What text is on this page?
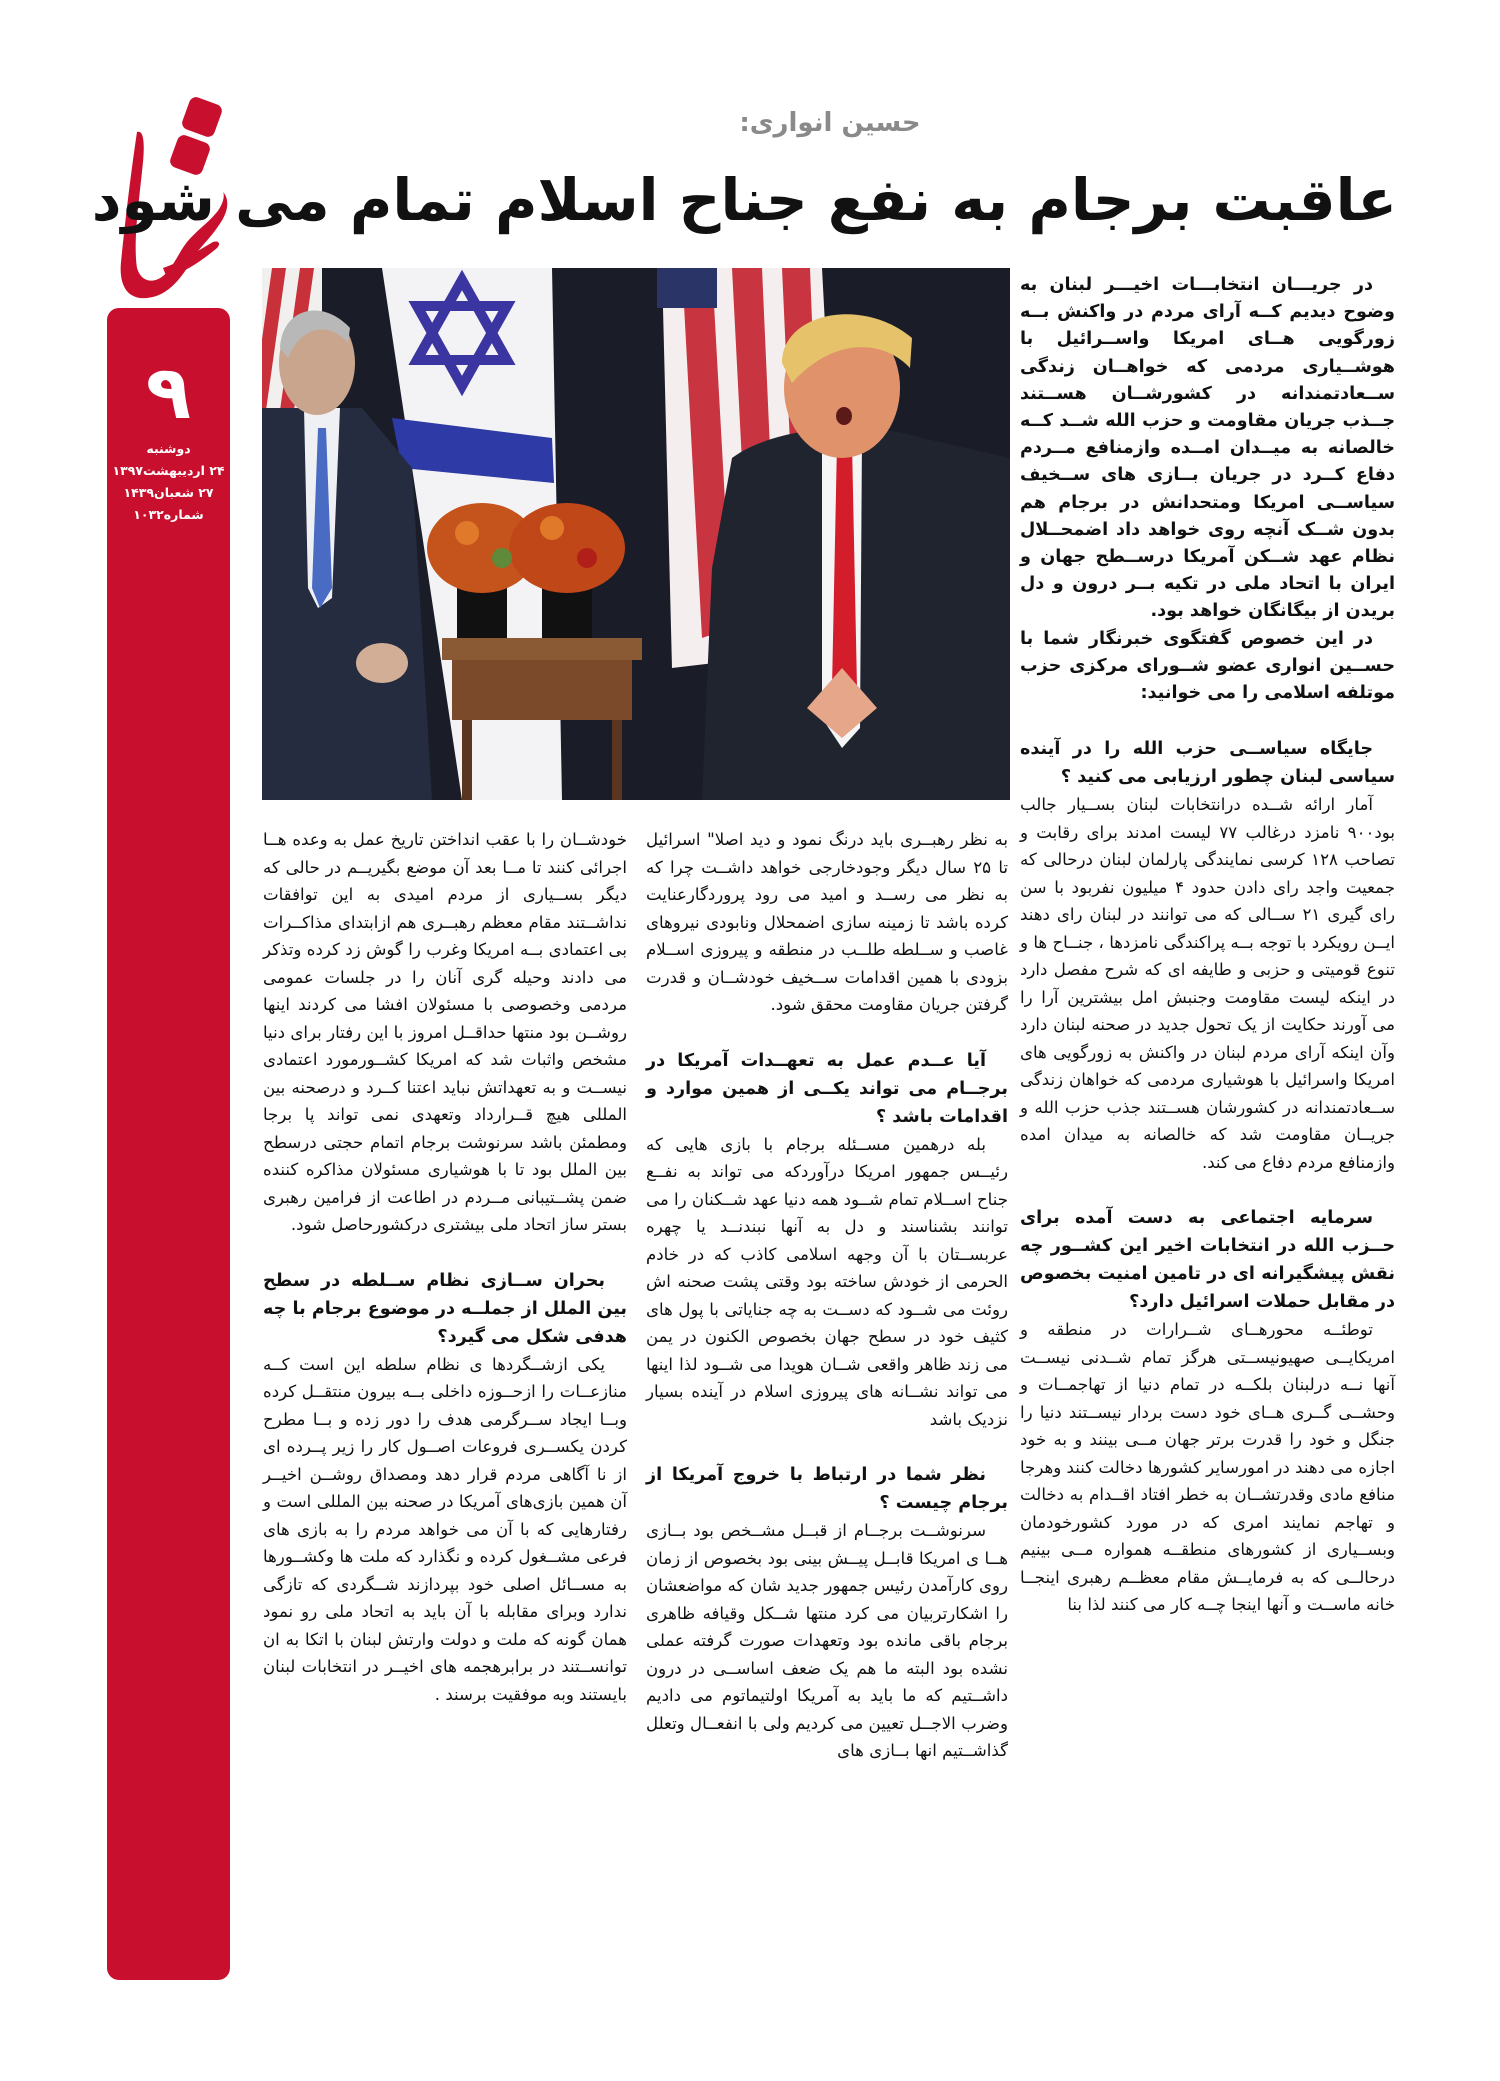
۹
دوشنبه
۲۴ اردیبهشت۱۳۹۷
۲۷ شعبان۱۴۳۹
شماره۱۰۳۲
حسین انواری:
عاقبت برجام به نفع جناح اسلام تمام می شود

در جریـــان انتخابـــات اخیـــر لبنان به وضوح دیدیم کــه آرای مردم در واکنش بــه زورگویی هــای امریکا واســرائیل با هوشــیاری مردمی که خواهــان زندگی ســعادتمندانه در کشورشــان هســتند جــذب جریان مقاومت و حزب الله شــد کــه خالصانه به میــدان امــده وازمنافع مــردم دفاع کــرد در جریان بــازی های ســخیف سیاســی امریکا ومتحدانش در برجام هم بدون شــک آنچه روی خواهد داد اضمحــلال نظام عهد شــکن آمریکا درســطح جهان و ایران با اتحاد ملی در تکیه بــر درون و دل بریدن از بیگانگان خواهد بود.

در این خصوص گفتگوی خبرنگار شما با حســین انواری عضو شــورای مرکزی حزب موتلفه اسلامی را می خوانید:

جایگاه سیاســی حزب الله را در آینده سیاسی لبنان چطور ارزیابی می کنید ؟

آمار ارائه شــده درانتخابات لبنان بســیار جالب بود۹۰۰ نامزد درغالب ۷۷ لیست امدند برای رقابت و تصاحب ۱۲۸ کرسی نمایندگی پارلمان لبنان درحالی که جمعیت واجد رای دادن حدود ۴ میلیون نفربود با سن رای گیری ۲۱ ســالی که می توانند در لبنان رای دهند ایــن رویکرد با توجه بــه پراکندگی نامزدها ، جنــاح ها و تنوع قومیتی و حزبی و طایفه ای که شرح مفصل دارد در اینکه لیست مقاومت وجنبش امل بیشترین آرا را می آورند حکایت از یک تحول جدید در صحنه لبنان دارد وآن اینکه آرای مردم لبنان در واکنش به زورگویی های امریکا واسرائیل با هوشیاری مردمی که خواهان زندگی ســعادتمندانه در کشورشان هســتند جذب حزب الله و جریــان مقاومت شد که خالصانه به میدان امده وازمنافع مردم دفاع می کند.

سرمایه اجتماعی به دست آمده برای حــزب الله در انتخابات اخیر این کشــور چه نقش پیشگیرانه ای در تامین امنیت بخصوص در مقابل حملات اسرائیل دارد؟

توطئــه محورهــای شــرارات در منطقه و امریکایــی صهیونیســتی هرگز تمام شــدنی نیســت آنها نــه درلبنان بلکــه در تمام دنیا از تهاجمــات و وحشــی گــری هــای خود دست بردار نیســتند دنیا را جنگل و خود را قدرت برتر جهان مــی بینند و به خود اجازه می دهند در امورسایر کشورها دخالت کنند وهرجا منافع مادی وقدرتشــان به خطر افتاد اقــدام به دخالت و تهاجم نمایند امری که در مورد کشورخودمان وبســیاری از کشورهای منطقــه همواره مــی بینیم درحالــی که به فرمایــش مقام معظــم رهبری اینجــا خانه ماســت و آنها اینجا چــه کار می کنند لذا بنا

به نظر رهبــری باید درنگ نمود و دید اصلا" اسرائیل تا ۲۵ سال دیگر وجودخارجی خواهد داشــت چرا که به نظر می رســد و امید می رود پروردگارعنایت کرده باشد تا زمینه سازی اضمحلال ونابودی نیروهای غاصب و ســلطه طلــب در منطقه و پیروزی اســلام بزودی با همین اقدامات ســخیف خودشــان و قدرت گرفتن جریان مقاومت محقق شود.

آیا عــدم عمل به تعهــدات آمریکا در برجــام می تواند یکــی از همین موارد و اقدامات باشد ؟

بله درهمین مســئله برجام با بازی هایی که رئیــس جمهور امریکا درآوردکه می تواند به نفــع جناح اســلام تمام شــود همه دنیا عهد شــکنان را می توانند بشناسند و دل به آنها نبندنــد یا چهره عربســتان با آن وجهه اسلامی کاذب که در خادم الحرمی از خودش ساخته بود وقتی پشت صحنه اش روئت می شــود که دســت به چه جنایاتی با پول های کثیف خود در سطح جهان بخصوص الکنون در یمن می زند ظاهر واقعی شــان هویدا می شــود لذا اینها می تواند نشــانه های پیروزی اسلام در آینده بسیار نزدیک باشد

نظر شما در ارتباط با خروج آمریکا از برجام چیست ؟

سرنوشــت برجــام از قبــل مشــخص بود بــازی هــا ی امریکا قابــل پیــش بینی بود بخصوص از زمان روی کارآمدن رئیس جمهور جدید شان که مواضعشان را اشکارتربیان می کرد منتها شــکل وقیافه ظاهری برجام باقی مانده بود وتعهدات صورت گرفته عملی نشده بود البته ما هم یک ضعف اساســی در درون داشــتیم که ما باید به آمریکا اولتیماتوم می دادیم وضرب الاجــل تعیین می کردیم ولی با انفعــال وتعلل گذاشــتیم انها بــازی های

خودشــان را با عقب انداختن تاریخ عمل به وعده هــا اجرائی کنند تا مــا بعد آن موضع بگیریــم در حالی که دیگر بســیاری از مردم امیدی به این توافقات نداشــتند مقام معظم رهبــری هم ازابتدای مذاکــرات بی اعتمادی بــه امریکا وغرب را گوش زد کرده وتذکر می دادند وحیله گری آنان را در جلسات عمومی مردمی وخصوصی با مسئولان افشا می کردند اینها روشــن بود منتها حداقــل امروز با این رفتار برای دنیا مشخص واثبات شد که امریکا کشــورمورد اعتمادی نیســت و به تعهداتش نباید اعتنا کــرد و درصحنه بین المللی هیچ قــرارداد وتعهدی نمی تواند پا برجا ومطمئن باشد سرنوشت برجام اتمام حجتی درسطح بین الملل بود تا با هوشیاری مسئولان مذاکره کننده ضمن پشــتیبانی مــردم در اطاعت از فرامین رهبری بستر ساز اتحاد ملی بیشتری درکشورحاصل شود.

بحران ســازی نظام ســلطه در سطح بین الملل از جملــه در موضوع برجام با چه هدفی شکل می گیرد؟

یکی ازشــگردها ی نظام سلطه این است کــه منازعــات را ازحــوزه داخلی بــه بیرون منتقــل کرده وبــا ایجاد ســرگرمی هدف را دور زده و بــا مطرح کردن یکســری فروعات اصــول کار را زیر پــرده ای از نا آگاهی مردم قرار دهد ومصداق روشــن اخیــر آن همین بازی‌های آمریکا در صحنه بین المللی است و رفتارهایی که با آن می خواهد مردم را به بازی های فرعی مشــغول کرده و نگذارد که ملت ها وکشــورها به مســائل اصلی خود بپردازند شــگردی که تازگی ندارد وبرای مقابله با آن باید به اتحاد ملی رو نمود همان گونه که ملت و دولت وارتش لبنان با اتکا به ان توانســتند در برابرهجمه های اخیــر در انتخابات لبنان بایستند وبه موفقیت برسند .
